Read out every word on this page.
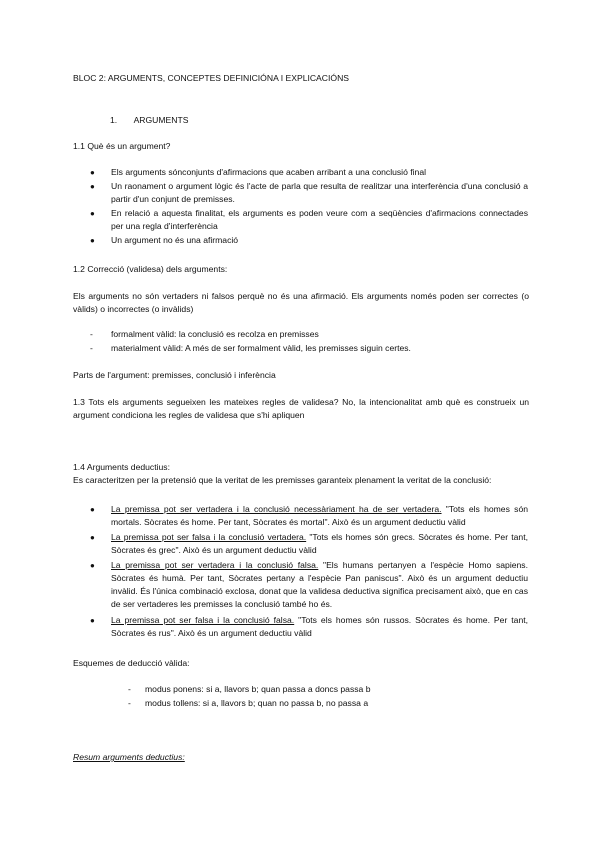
BLOC 2: ARGUMENTS, CONCEPTES DEFINICIÓNA I EXPLICACIÓNS

1. ARGUMENTS

1.1 Què és un argument?

● Els arguments sónconjunts d'afirmacions que acaben arribant a una conclusió final
● Un raonament o argument lògic és l'acte de parla que resulta de realitzar una interferència d'una conclusió a partir d'un conjunt de premisses.
● En relació a aquesta finalitat, els arguments es poden veure com a seqüències d'afirmacions connectades per una regla d'interferència
● Un argument no és una afirmació

1.2 Correcció (validesa) dels arguments:

Els arguments no són vertaders ni falsos perquè no és una afirmació. Els arguments només poden ser correctes (o vàlids) o incorrectes (o invàlids)

- formalment vàlid: la conclusió es recolza en premisses
- materialment vàlid: A més de ser formalment vàlid, les premisses siguin certes.

Parts de l'argument: premisses, conclusió i inferència

1.3 Tots els arguments segueixen les mateixes regles de validesa? No, la intencionalitat amb què es construeix un argument condiciona les regles de validesa que s'hi apliquen

1.4 Arguments deductius:

Es caracteritzen per la pretensió que la veritat de les premisses garanteix plenament la veritat de la conclusió:

● La premissa pot ser vertadera i la conclusió necessàriament ha de ser vertadera. "Tots els homes són mortals. Sòcrates és home. Per tant, Sòcrates és mortal". Això és un argument deductiu vàlid
● La premissa pot ser falsa i la conclusió vertadera. "Tots els homes són grecs. Sòcrates és home. Per tant, Sòcrates és grec". Això és un argument deductiu vàlid
● La premissa pot ser vertadera i la conclusió falsa. "Els humans pertanyen a l'espècie Homo sapiens. Sòcrates és humà. Per tant, Sòcrates pertany a l'espècie Pan paniscus". Això és un argument deductiu invàlid. És l'única combinació exclosa, donat que la validesa deductiva significa precisament això, que en cas de ser vertaderes les premisses la conclusió també ho és.
● La premissa pot ser falsa i la conclusió falsa. "Tots els homes són russos. Sòcrates és home. Per tant, Sòcrates és rus". Això és un argument deductiu vàlid

Esquemes de deducció vàlida:

- modus ponens: si a, llavors b; quan passa a doncs passa b
- modus tollens: si a, llavors b; quan no passa b, no passa a

Resum arguments deductius:
